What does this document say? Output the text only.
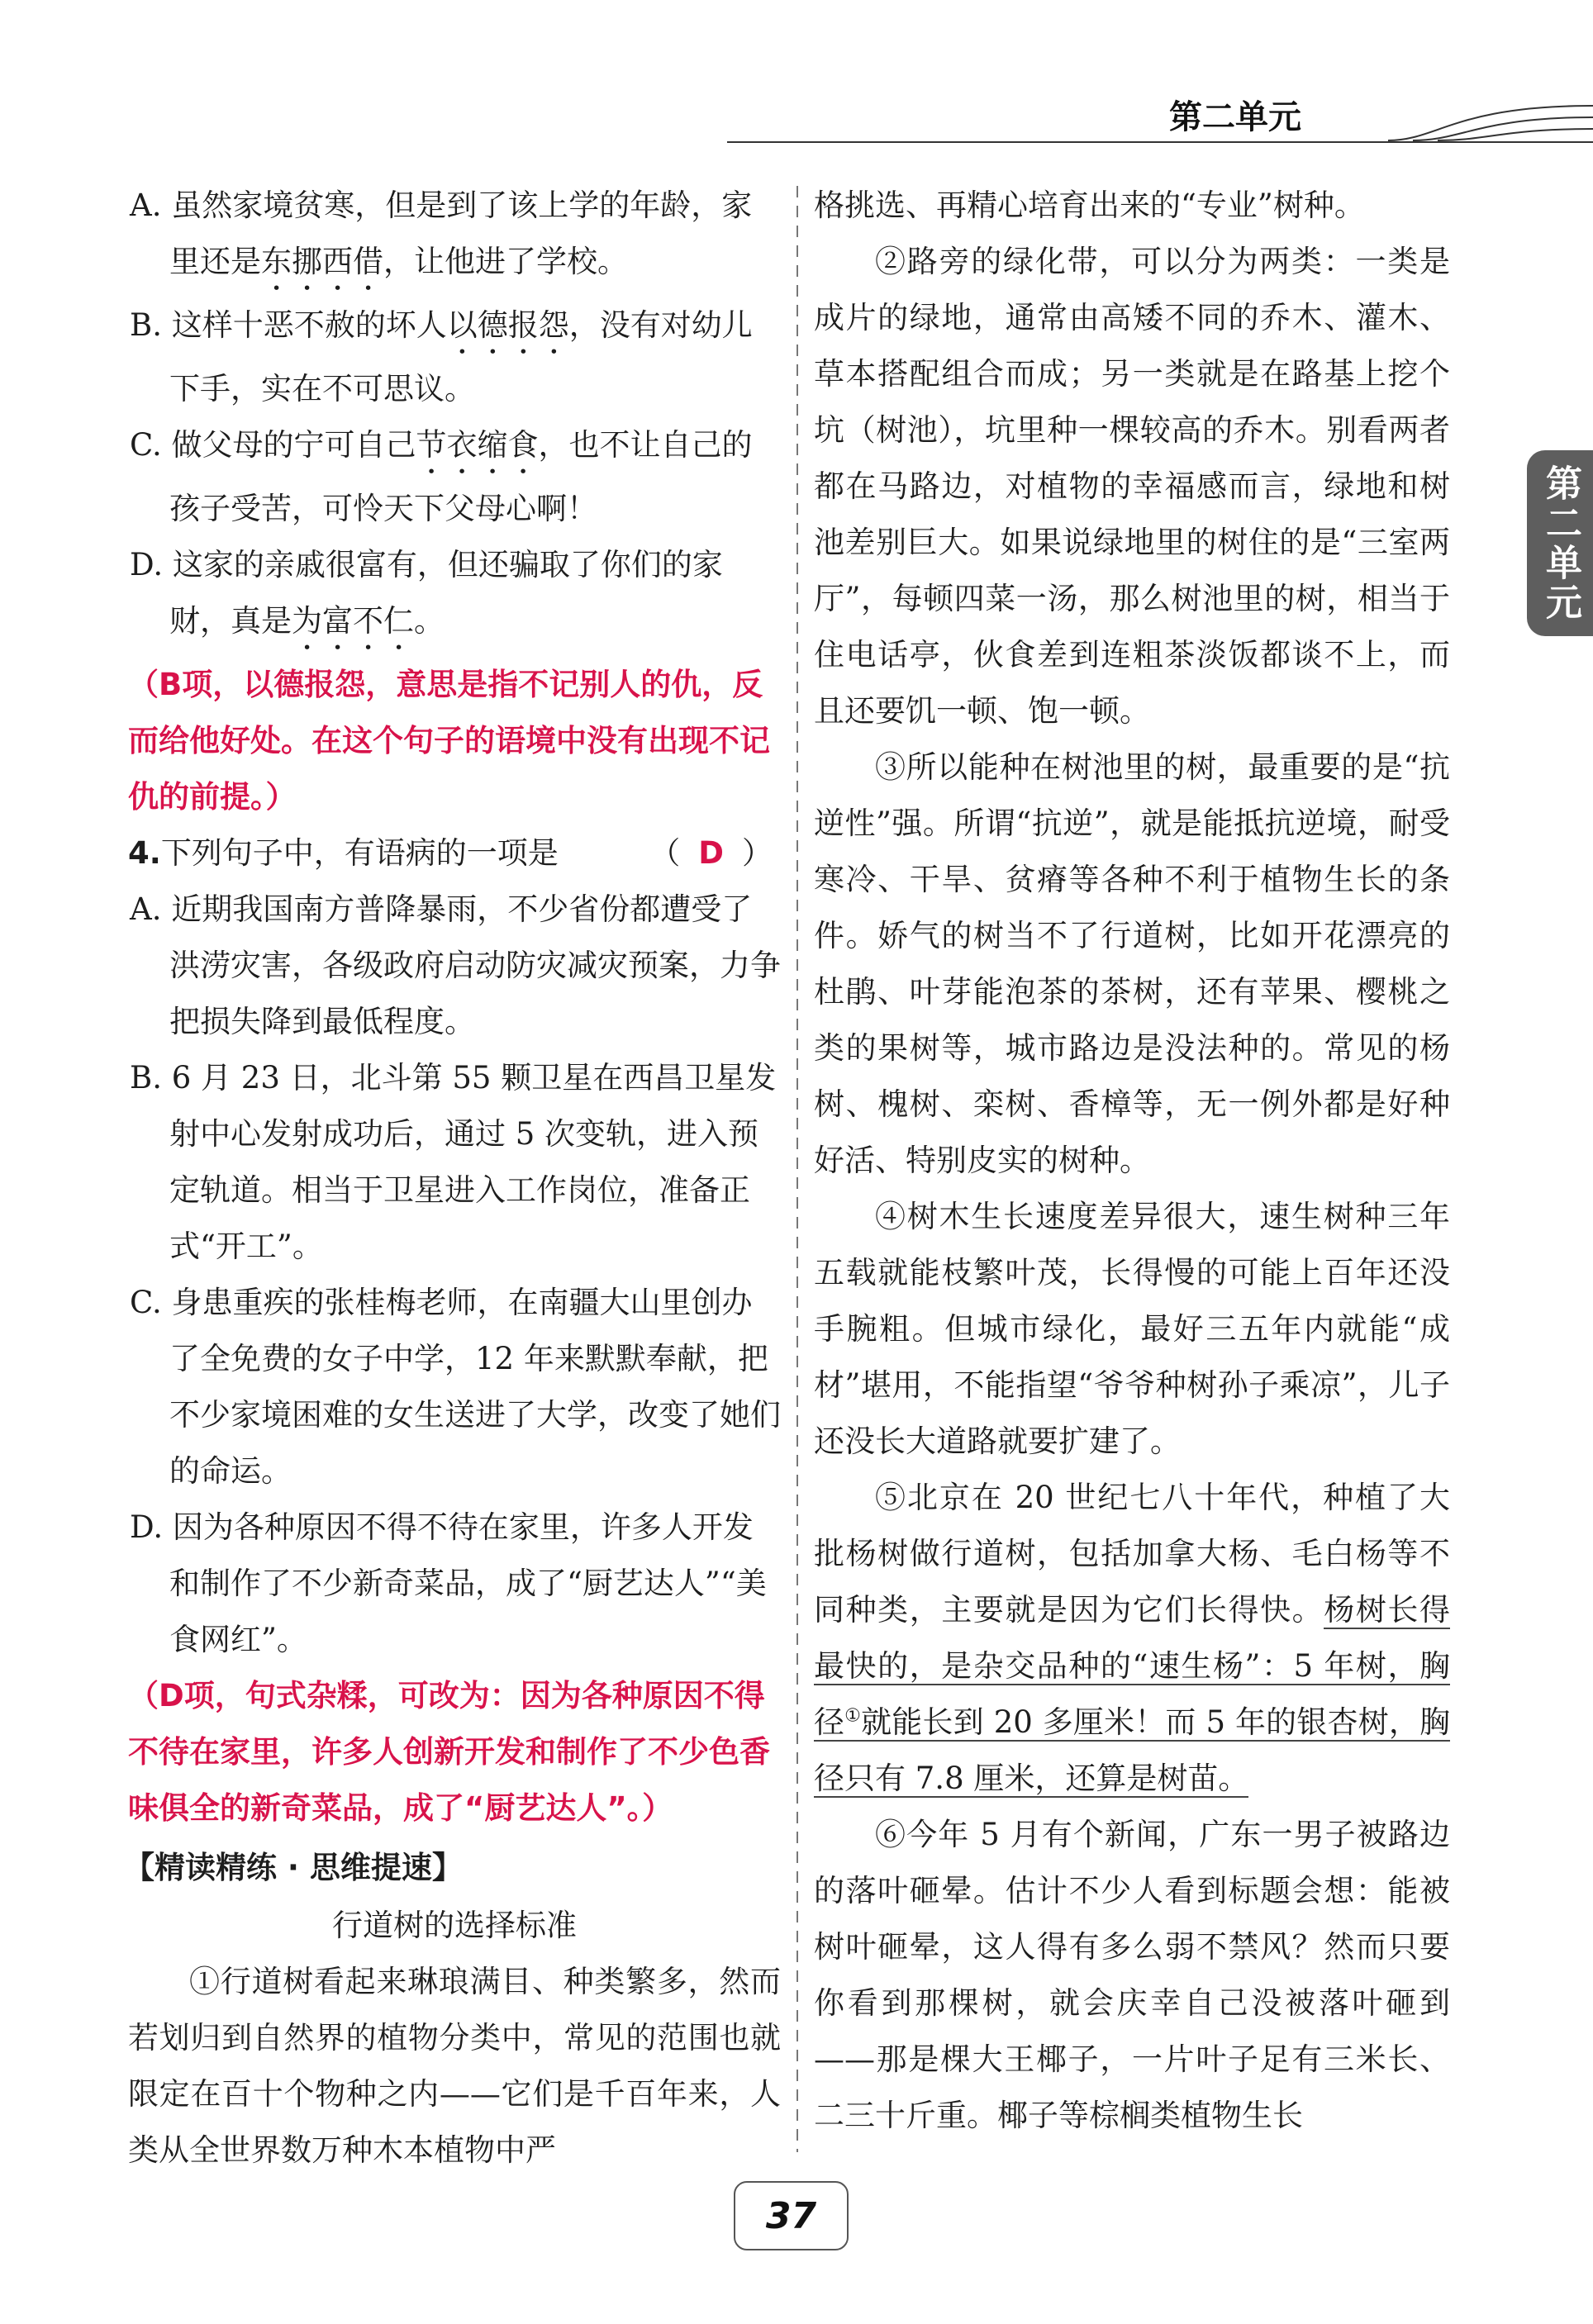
第二单元
第二单元

A. 虽然家境贫寒，但是到了该上学的年龄，家里还是东挪西借，让他进了学校。

B. 这样十恶不赦的坏人以德报怨，没有对幼儿下手，实在不可思议。

C. 做父母的宁可自己节衣缩食，也不让自己的孩子受苦，可怜天下父母心啊！

D. 这家的亲戚很富有，但还骗取了你们的家财，真是为富不仁。

（B项，以德报怨，意思是指不记别人的仇，反而给他好处。在这个句子的语境中没有出现不记仇的前提。）

4.下列句子中，有语病的一项是	（ D ）

A. 近期我国南方普降暴雨，不少省份都遭受了洪涝灾害，各级政府启动防灾减灾预案，力争把损失降到最低程度。

B. 6 月 23 日，北斗第 55 颗卫星在西昌卫星发射中心发射成功后，通过 5 次变轨，进入预定轨道。相当于卫星进入工作岗位，准备正式“开工”。

C. 身患重疾的张桂梅老师，在南疆大山里创办了全免费的女子中学，12 年来默默奉献，把不少家境困难的女生送进了大学，改变了她们的命运。

D. 因为各种原因不得不待在家里，许多人开发和制作了不少新奇菜品，成了“厨艺达人”“美食网红”。

（D项，句式杂糅，可改为：因为各种原因不得不待在家里，许多人创新开发和制作了不少色香味俱全的新奇菜品，成了“厨艺达人”。）

【精读精练 · 思维提速】

行道树的选择标准

①行道树看起来琳琅满目、种类繁多，然而若划归到自然界的植物分类中，常见的范围也就限定在百十个物种之内——它们是千百年来，人类从全世界数万种木本植物中严

格挑选、再精心培育出来的“专业”树种。

②路旁的绿化带，可以分为两类：一类是成片的绿地，通常由高矮不同的乔木、灌木、草本搭配组合而成；另一类就是在路基上挖个坑（树池），坑里种一棵较高的乔木。别看两者都在马路边，对植物的幸福感而言，绿地和树池差别巨大。如果说绿地里的树住的是“三室两厅”，每顿四菜一汤，那么树池里的树，相当于住电话亭，伙食差到连粗茶淡饭都谈不上，而且还要饥一顿、饱一顿。

③所以能种在树池里的树，最重要的是“抗逆性”强。所谓“抗逆”，就是能抵抗逆境，耐受寒冷、干旱、贫瘠等各种不利于植物生长的条件。娇气的树当不了行道树，比如开花漂亮的杜鹃、叶芽能泡茶的茶树，还有苹果、樱桃之类的果树等，城市路边是没法种的。常见的杨树、槐树、栾树、香樟等，无一例外都是好种好活、特别皮实的树种。

④树木生长速度差异很大，速生树种三年五载就能枝繁叶茂，长得慢的可能上百年还没手腕粗。但城市绿化，最好三五年内就能“成材”堪用，不能指望“爷爷种树孙子乘凉”，儿子还没长大道路就要扩建了。

⑤北京在 20 世纪七八十年代，种植了大批杨树做行道树，包括加拿大杨、毛白杨等不同种类，主要就是因为它们长得快。杨树长得最快的，是杂交品种的“速生杨”：5 年树，胸径①就能长到 20 多厘米！而 5 年的银杏树，胸径只有 7.8 厘米，还算是树苗。

⑥今年 5 月有个新闻，广东一男子被路边的落叶砸晕。估计不少人看到标题会想：能被树叶砸晕，这人得有多么弱不禁风？然而只要你看到那棵树，就会庆幸自己没被落叶砸到——那是棵大王椰子，一片叶子足有三米长、二三十斤重。椰子等棕榈类植物生长

37
